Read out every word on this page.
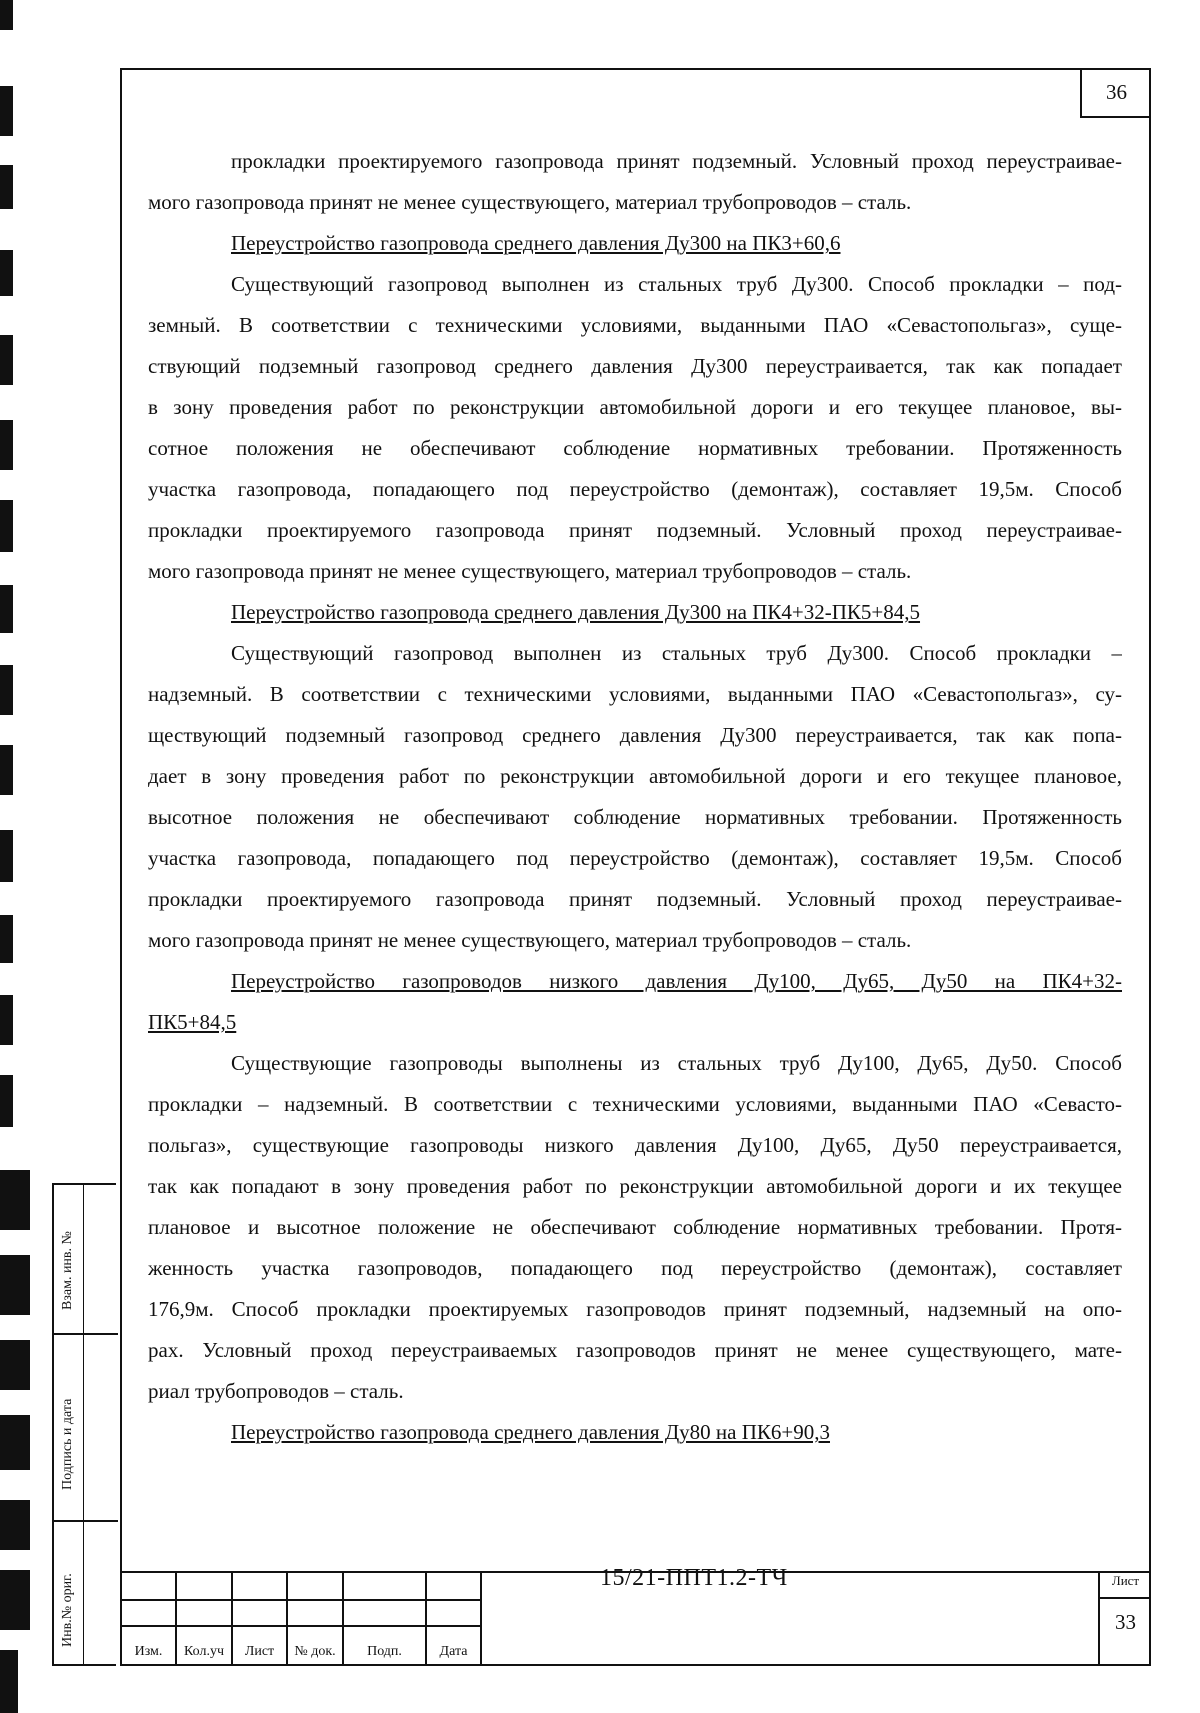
36
прокладки проектируемого газопровода принят подземный. Условный проход переустраивае-
мого газопровода принят не менее существующего, материал трубопроводов – сталь.
Переустройство газопровода среднего давления Ду300 на ПК3+60,6
Существующий газопровод выполнен из стальных труб Ду300. Способ прокладки – под-
земный. В соответствии с техническими условиями, выданными ПАО «Севастопольгаз», суще-
ствующий подземный газопровод среднего давления Ду300 переустраивается, так как попадает
в зону проведения работ по реконструкции автомобильной дороги и его текущее плановое, вы-
сотное положения не обеспечивают соблюдение нормативных требовании. Протяженность
участка газопровода, попадающего под переустройство (демонтаж), составляет 19,5м. Способ
прокладки проектируемого газопровода принят подземный. Условный проход переустраивае-
мого газопровода принят не менее существующего, материал трубопроводов – сталь.
Переустройство газопровода среднего давления Ду300 на ПК4+32-ПК5+84,5
Существующий газопровод выполнен из стальных труб Ду300. Способ прокладки –
надземный. В соответствии с техническими условиями, выданными ПАО «Севастопольгаз», су-
ществующий подземный газопровод среднего давления Ду300 переустраивается, так как попа-
дает в зону проведения работ по реконструкции автомобильной дороги и его текущее плановое,
высотное положения не обеспечивают соблюдение нормативных требовании. Протяженность
участка газопровода, попадающего под переустройство (демонтаж), составляет 19,5м. Способ
прокладки проектируемого газопровода принят подземный. Условный проход переустраивае-
мого газопровода принят не менее существующего, материал трубопроводов – сталь.
Переустройство газопроводов низкого давления Ду100, Ду65, Ду50 на ПК4+32-
ПК5+84,5
Существующие газопроводы выполнены из стальных труб Ду100, Ду65, Ду50. Способ
прокладки – надземный. В соответствии с техническими условиями, выданными ПАО «Севасто-
польгаз», существующие газопроводы низкого давления Ду100, Ду65, Ду50 переустраивается,
так как попадают в зону проведения работ по реконструкции автомобильной дороги и их текущее
плановое и высотное положение не обеспечивают соблюдение нормативных требовании. Протя-
женность участка газопроводов, попадающего под переустройство (демонтаж), составляет
176,9м. Способ прокладки проектируемых газопроводов принят подземный, надземный на опо-
рах. Условный проход переустраиваемых газопроводов принят не менее существующего, мате-
риал трубопроводов – сталь.
Переустройство газопровода среднего давления Ду80 на ПК6+90,3
Взам. инв. №
Подпись и дата
Инв.№ ориг.
Изм.	Кол.уч	Лист	№ док.	Подп.	Дата
15/21-ППТ1.2-ТЧ	Лист
33
